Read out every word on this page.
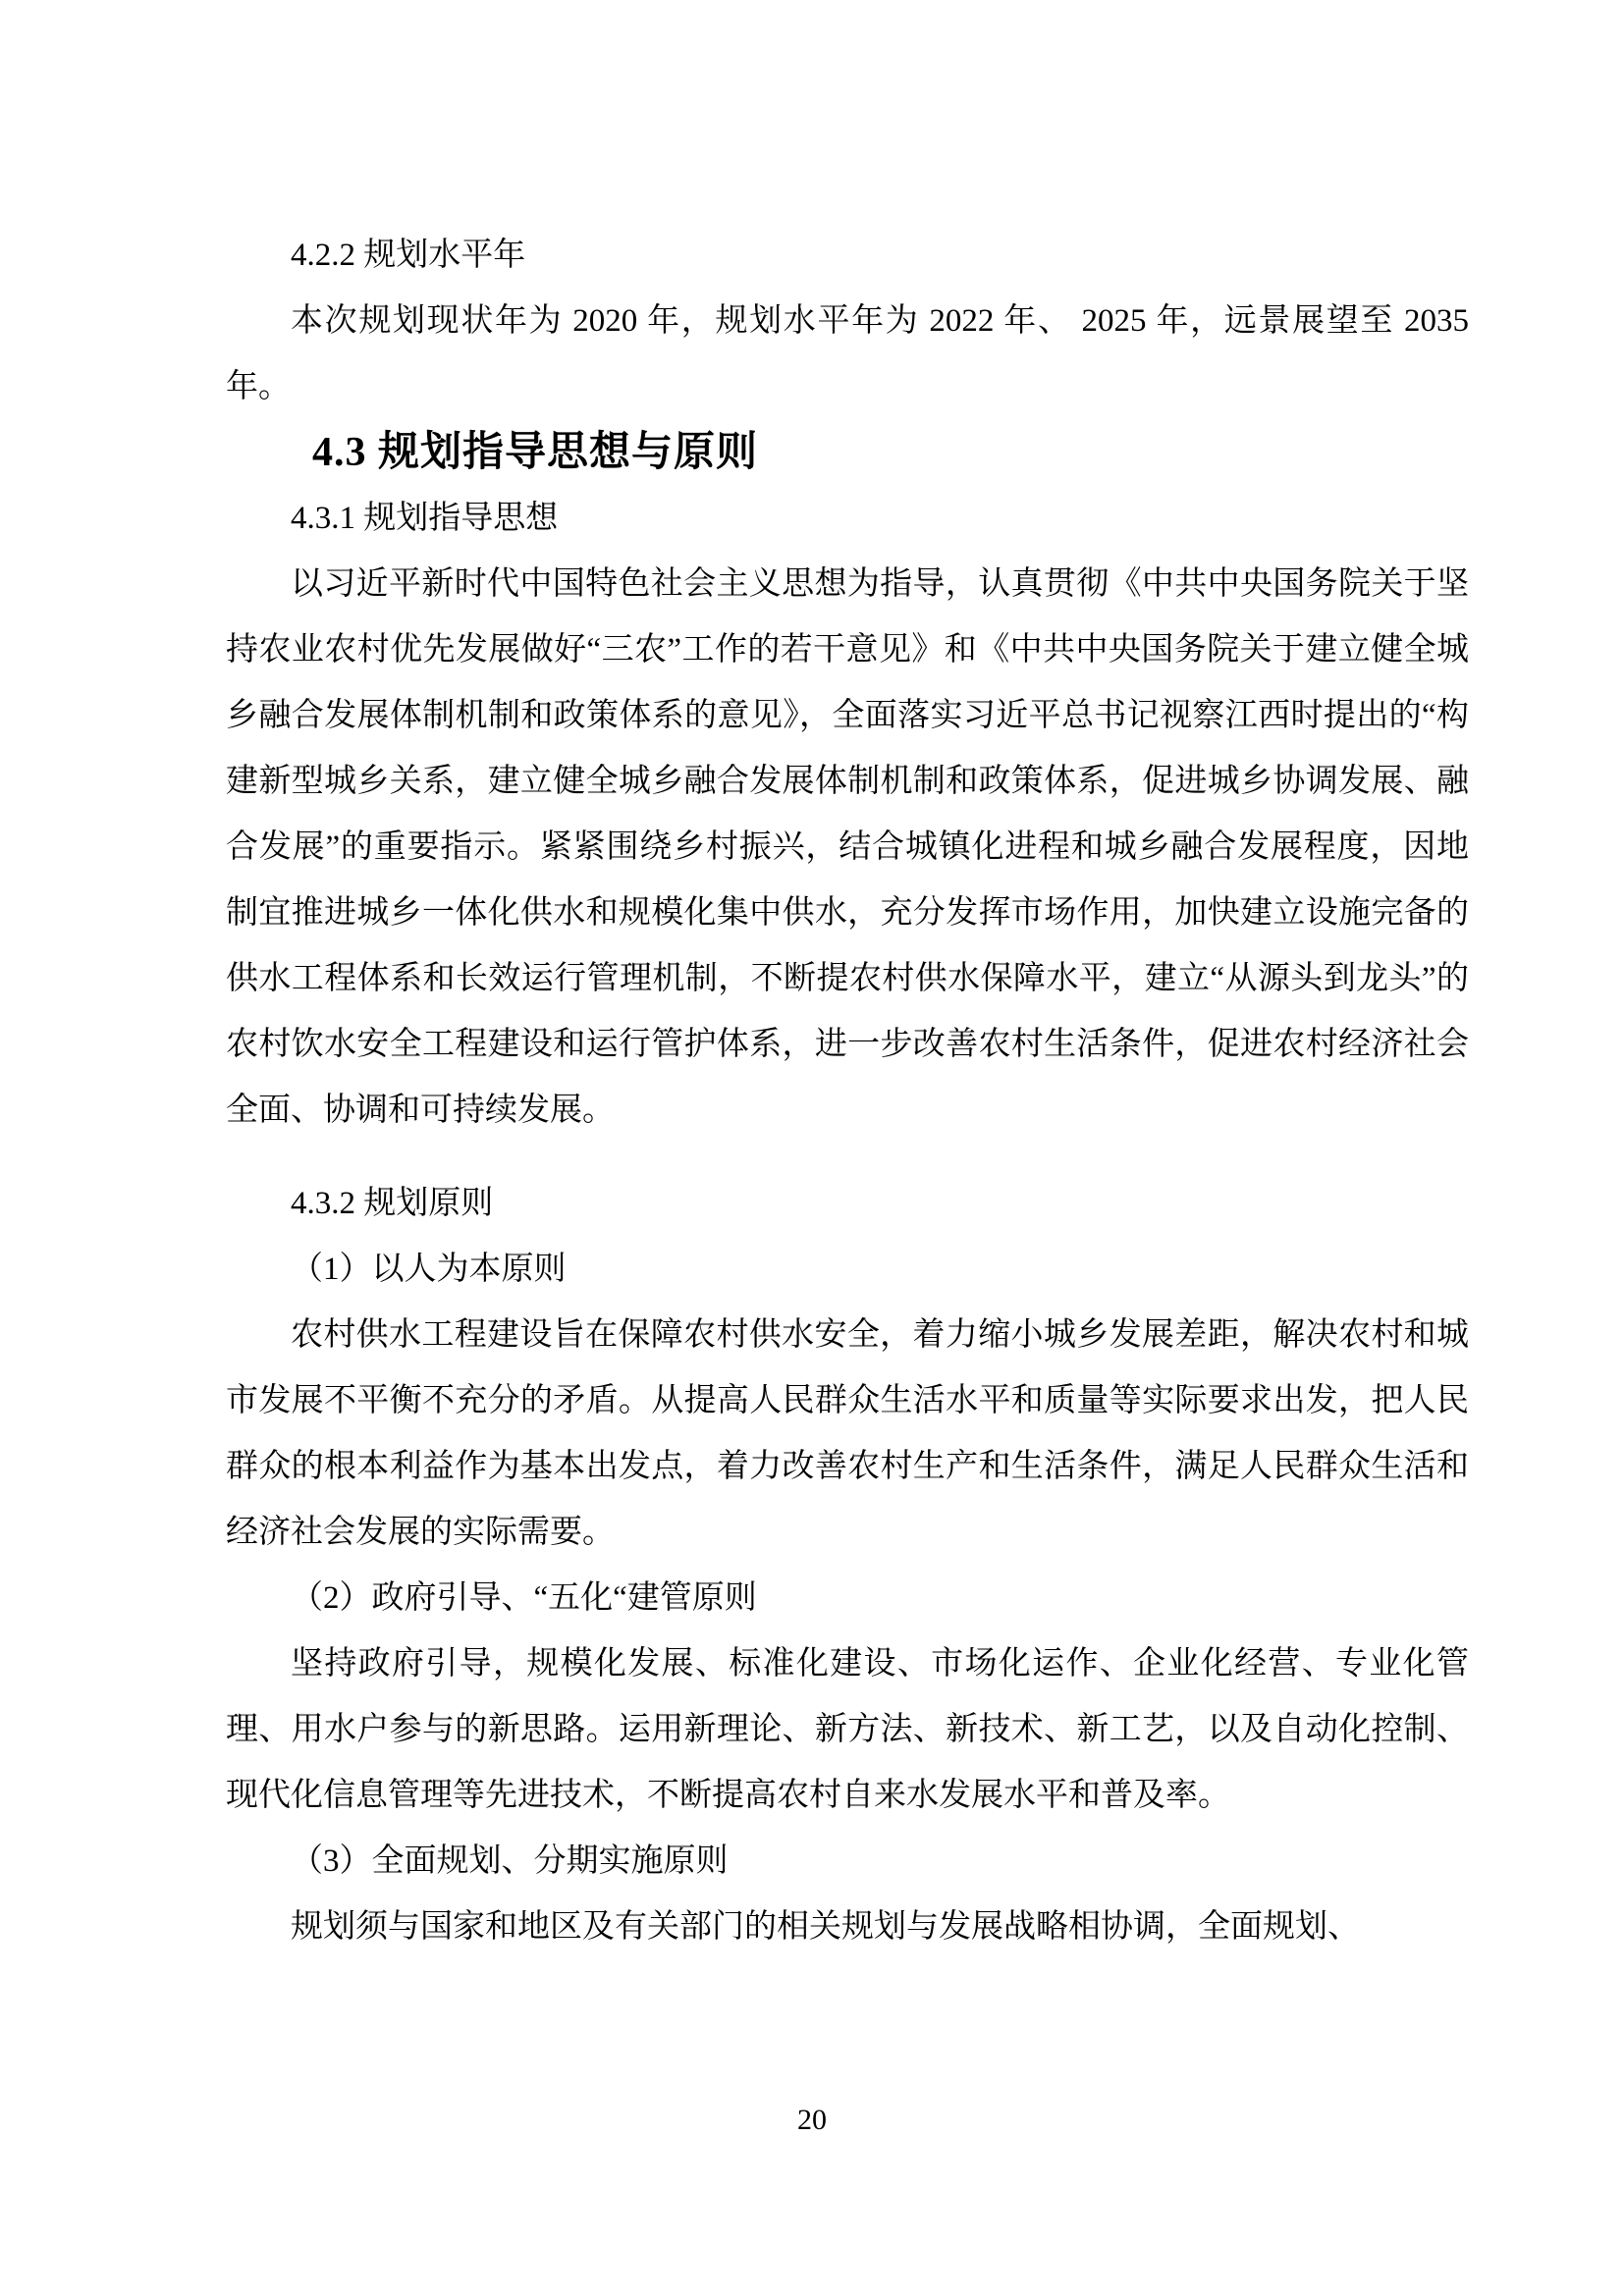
4.2.2 规划水平年
本次规划现状年为 2020 年，规划水平年为 2022 年、 2025 年，远景展望至 2035 年。
4.3 规划指导思想与原则
4.3.1 规划指导思想
以习近平新时代中国特色社会主义思想为指导，认真贯彻《中共中央国务院关于坚持农业农村优先发展做好“三农”工作的若干意见》和《中共中央国务院关于建立健全城乡融合发展体制机制和政策体系的意见》，全面落实习近平总书记视察江西时提出的“构建新型城乡关系，建立健全城乡融合发展体制机制和政策体系，促进城乡协调发展、融合发展”的重要指示。紧紧围绕乡村振兴，结合城镇化进程和城乡融合发展程度，因地制宜推进城乡一体化供水和规模化集中供水，充分发挥市场作用，加快建立设施完备的供水工程体系和长效运行管理机制，不断提农村供水保障水平，建立“从源头到龙头”的农村饮水安全工程建设和运行管护体系，进一步改善农村生活条件，促进农村经济社会全面、协调和可持续发展。
4.3.2 规划原则
（1）以人为本原则
农村供水工程建设旨在保障农村供水安全，着力缩小城乡发展差距，解决农村和城市发展不平衡不充分的矛盾。从提高人民群众生活水平和质量等实际要求出发，把人民群众的根本利益作为基本出发点，着力改善农村生产和生活条件，满足人民群众生活和经济社会发展的实际需要。
（2）政府引导、“五化“建管原则
坚持政府引导，规模化发展、标准化建设、市场化运作、企业化经营、专业化管理、用水户参与的新思路。运用新理论、新方法、新技术、新工艺，以及自动化控制、现代化信息管理等先进技术，不断提高农村自来水发展水平和普及率。
（3）全面规划、分期实施原则
规划须与国家和地区及有关部门的相关规划与发展战略相协调，全面规划、
20
